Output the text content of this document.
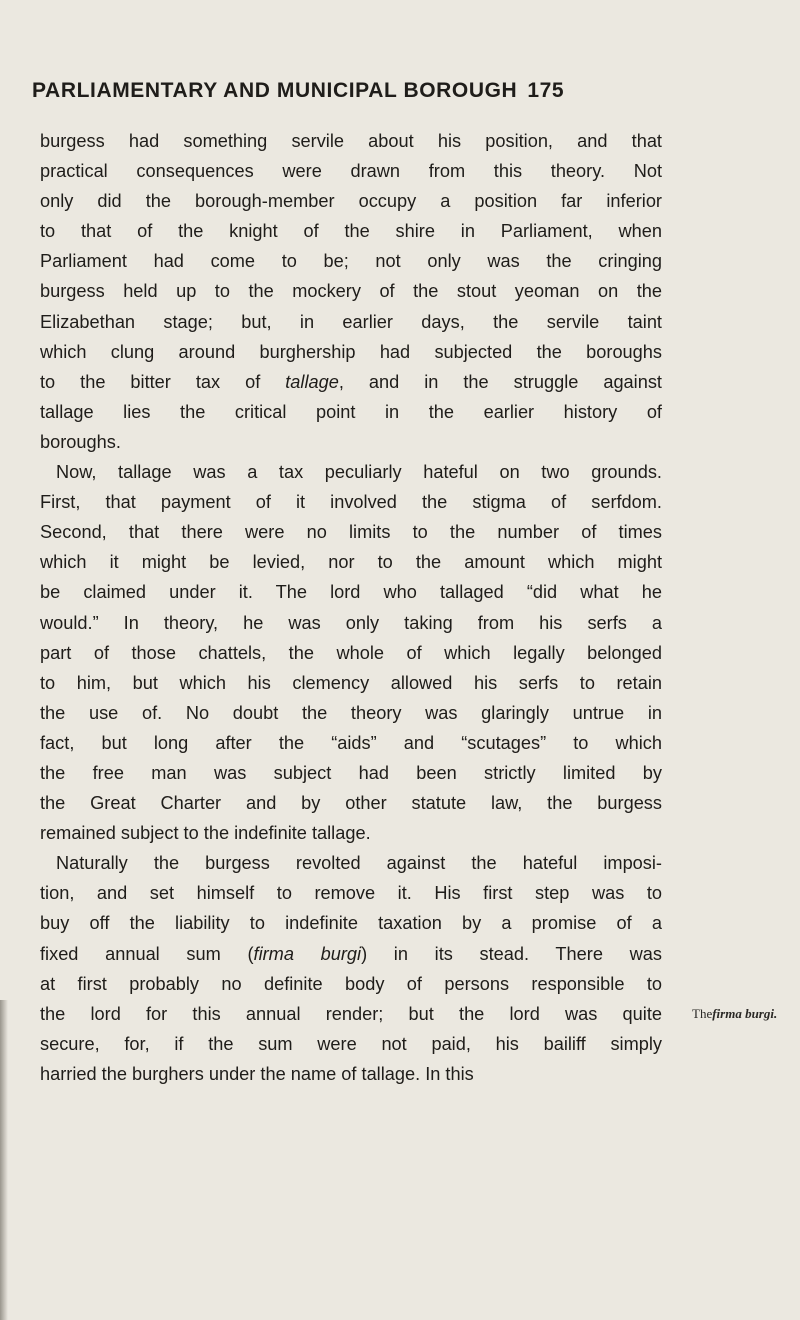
PARLIAMENTARY AND MUNICIPAL BOROUGH 175
burgess had something servile about his position, and that
practical consequences were drawn from this theory. Not
only did the borough-member occupy a position far inferior
to that of the knight of the shire in Parliament, when
Parliament had come to be; not only was the cringing
burgess held up to the mockery of the stout yeoman on the
Elizabethan stage; but, in earlier days, the servile taint
which clung around burghership had subjected the boroughs
to the bitter tax of tallage, and in the struggle against
tallage lies the critical point in the earlier history of
boroughs.
Now, tallage was a tax peculiarly hateful on two grounds.
First, that payment of it involved the stigma of serfdom.
Second, that there were no limits to the number of times
which it might be levied, nor to the amount which might
be claimed under it. The lord who tallaged “did what he
would.” In theory, he was only taking from his serfs a
part of those chattels, the whole of which legally belonged
to him, but which his clemency allowed his serfs to retain
the use of. No doubt the theory was glaringly untrue in
fact, but long after the “aids” and “scutages” to which
the free man was subject had been strictly limited by
the Great Charter and by other statute law, the burgess
remained subject to the indefinite tallage.
Naturally the burgess revolted against the hateful imposi-
tion, and set himself to remove it. His first step was to
buy off the liability to indefinite taxation by a promise of a
fixed annual sum (firma burgi) in its stead. There was
at first probably no definite body of persons responsible to
the lord for this annual render; but the lord was quite
secure, for, if the sum were not paid, his bailiff simply
harried the burghers under the name of tallage. In this
Thefirma burgi.
